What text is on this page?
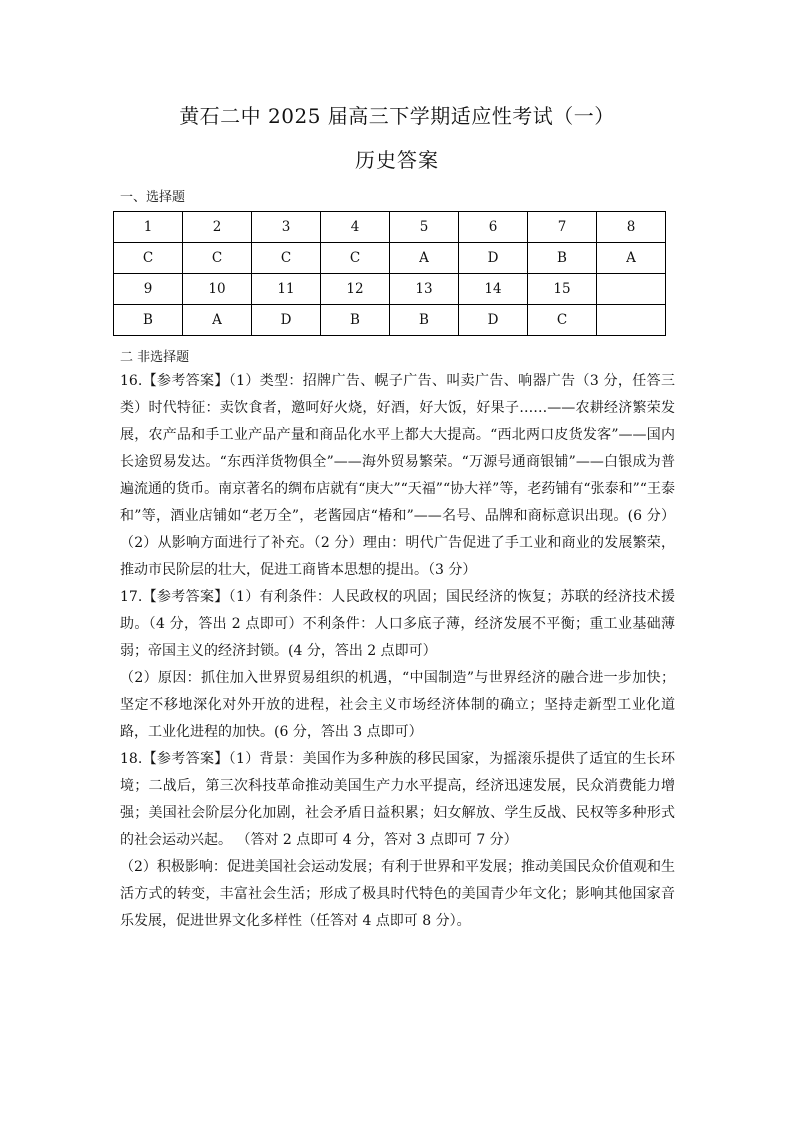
黄石二中 2025 届高三下学期适应性考试（一）
历史答案
一、选择题
1	2	3	4	5	6	7	8
C	C	C	C	A	D	B	A
9	10	11	12	13	14	15	
B	A	D	B	B	D	C	
二 非选择题

16.【参考答案】（1）类型：招牌广告、幌子广告、叫卖广告、响器广告（3 分，任答三类）时代特征：卖饮食者，邀呵好火烧，好酒，好大饭，好果子……——农耕经济繁荣发展，农产品和手工业产品产量和商品化水平上都大大提高。“西北两口皮货发客”——国内长途贸易发达。“东西洋货物俱全”——海外贸易繁荣。“万源号通商银铺”——白银成为普遍流通的货币。南京著名的绸布店就有“庚大”“天福”“协大祥”等，老药铺有“张泰和”“王泰和”等，酒业店铺如“老万全”，老酱园店“椿和”——名号、品牌和商标意识出现。(6 分）（2）从影响方面进行了补充。（2 分）理由：明代广告促进了手工业和商业的发展繁荣，推动市民阶层的壮大，促进工商皆本思想的提出。（3 分）

17.【参考答案】（1）有利条件：人民政权的巩固；国民经济的恢复；苏联的经济技术援助。（4 分，答出 2 点即可）不利条件：人口多底子薄，经济发展不平衡；重工业基础薄弱；帝国主义的经济封锁。(4 分，答出 2 点即可）

（2）原因：抓住加入世界贸易组织的机遇，“中国制造”与世界经济的融合进一步加快；坚定不移地深化对外开放的进程，社会主义市场经济体制的确立；坚持走新型工业化道路，工业化进程的加快。(6 分，答出 3 点即可）

18.【参考答案】（1）背景：美国作为多种族的移民国家，为摇滚乐提供了适宜的生长环境；二战后，第三次科技革命推动美国生产力水平提高，经济迅速发展，民众消费能力增强；美国社会阶层分化加剧，社会矛盾日益积累；妇女解放、学生反战、民权等多种形式的社会运动兴起。 （答对 2 点即可 4 分，答对 3 点即可 7 分）

（2）积极影响：促进美国社会运动发展；有利于世界和平发展；推动美国民众价值观和生活方式的转变，丰富社会生活；形成了极具时代特色的美国青少年文化；影响其他国家音乐发展，促进世界文化多样性（任答对 4 点即可 8 分）。
